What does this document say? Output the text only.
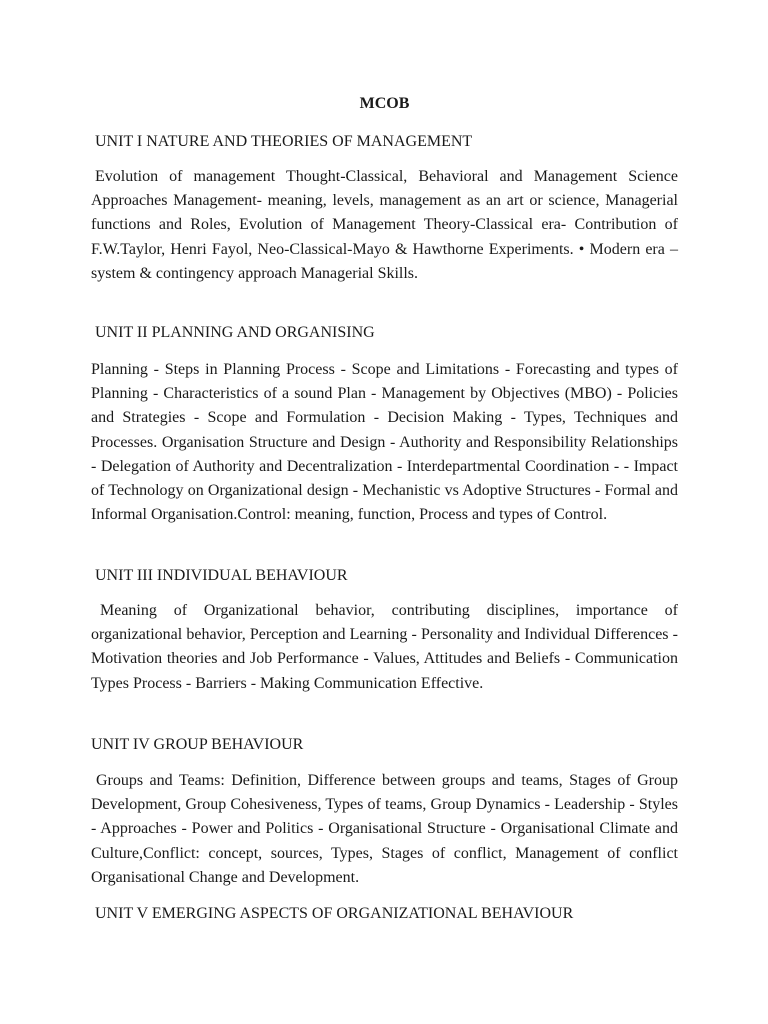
MCOB
UNIT I NATURE AND THEORIES OF MANAGEMENT

Evolution of management Thought-Classical, Behavioral and Management Science Approaches Management- meaning, levels, management as an art or science, Managerial functions and Roles, Evolution of Management Theory-Classical era- Contribution of F.W.Taylor, Henri Fayol, Neo-Classical-Mayo & Hawthorne Experiments. • Modern era – system & contingency approach Managerial Skills.

UNIT II PLANNING AND ORGANISING

Planning - Steps in Planning Process - Scope and Limitations - Forecasting and types of Planning - Characteristics of a sound Plan - Management by Objectives (MBO) - Policies and Strategies - Scope and Formulation - Decision Making - Types, Techniques and Processes. Organisation Structure and Design - Authority and Responsibility Relationships - Delegation of Authority and Decentralization - Interdepartmental Coordination - - Impact of Technology on Organizational design - Mechanistic vs Adoptive Structures - Formal and Informal Organisation.Control: meaning, function, Process and types of Control.

UNIT III INDIVIDUAL BEHAVIOUR

Meaning of Organizational behavior, contributing disciplines, importance of organizational behavior, Perception and Learning - Personality and Individual Differences - Motivation theories and Job Performance - Values, Attitudes and Beliefs - Communication Types Process - Barriers - Making Communication Effective.

UNIT IV GROUP BEHAVIOUR

Groups and Teams: Definition, Difference between groups and teams, Stages of Group Development, Group Cohesiveness, Types of teams, Group Dynamics - Leadership - Styles - Approaches - Power and Politics - Organisational Structure - Organisational Climate and Culture,Conflict: concept, sources, Types, Stages of conflict, Management of conflict Organisational Change and Development.

UNIT V EMERGING ASPECTS OF ORGANIZATIONAL BEHAVIOUR
